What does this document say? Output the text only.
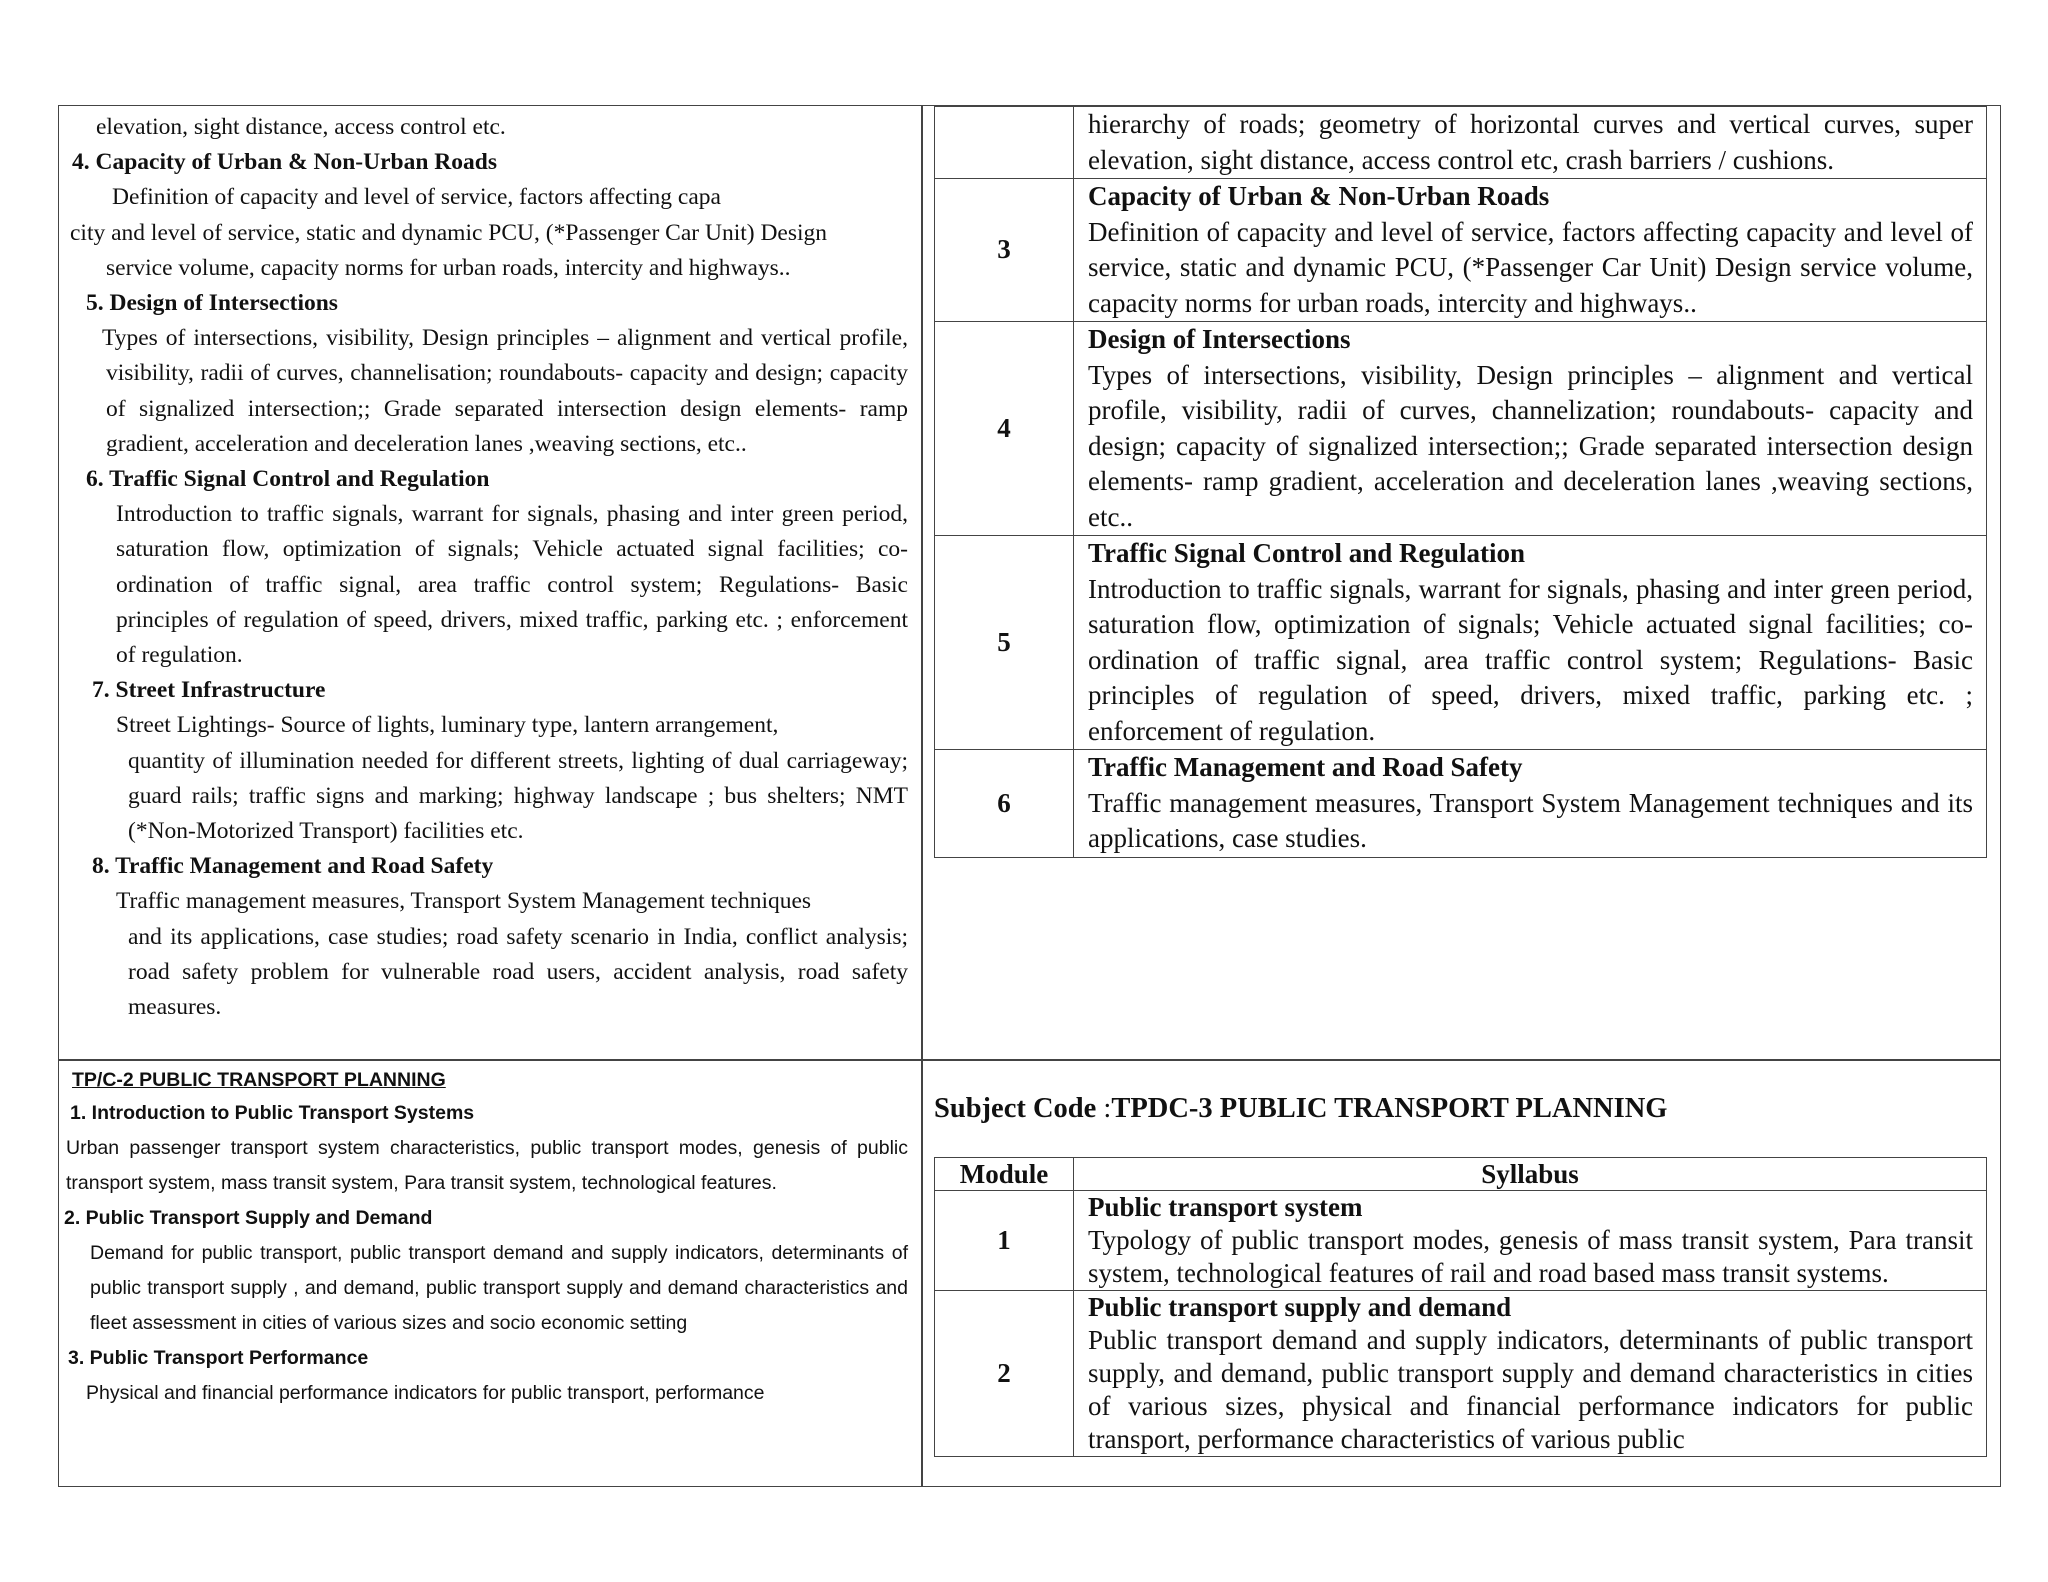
elevation, sight distance, access control etc.

4. Capacity of Urban & Non-Urban Roads

Definition of capacity and level of service, factors affecting capa

city and level of service, static and dynamic PCU, (*Passenger Car Unit) Design

service volume, capacity norms for urban roads, intercity and highways..

5. Design of Intersections

Types of intersections, visibility, Design principles – alignment and vertical profile, visibility, radii of curves, channelisation; roundabouts- capacity and design; capacity of signalized intersection;; Grade separated intersection design elements- ramp gradient, acceleration and deceleration lanes ,weaving sections, etc..

6. Traffic Signal Control and Regulation

Introduction to traffic signals, warrant for signals, phasing and inter green period, saturation flow, optimization of signals; Vehicle actuated signal facilities; co-ordination of traffic signal, area traffic control system; Regulations- Basic principles of regulation of speed, drivers, mixed traffic, parking etc. ; enforcement of regulation.

7. Street Infrastructure

Street Lightings- Source of lights, luminary type, lantern arrangement,

quantity of illumination needed for different streets, lighting of dual carriageway; guard rails; traffic signs and marking; highway landscape ; bus shelters; NMT (*Non-Motorized Transport) facilities etc.

8. Traffic Management and Road Safety

Traffic management measures, Transport System Management techniques

and its applications, case studies; road safety scenario in India, conflict analysis; road safety problem for vulnerable road users, accident analysis, road safety measures.

TP/C-2 PUBLIC TRANSPORT PLANNING

1. Introduction to Public Transport Systems

Urban passenger transport system characteristics, public transport modes, genesis of public transport system, mass transit system, Para transit system, technological features.

2. Public Transport Supply and Demand

Demand for public transport, public transport demand and supply indicators, determinants of public transport supply , and demand, public transport supply and demand characteristics and fleet assessment in cities of various sizes and socio economic setting

3. Public Transport Performance

Physical and financial performance indicators for public transport, performance

	hierarchy of roads; geometry of horizontal curves and vertical curves, super elevation, sight distance, access control etc, crash barriers / cushions.
3	Capacity of Urban & Non-Urban Roads
Definition of capacity and level of service, factors affecting capacity and level of service, static and dynamic PCU, (*Passenger Car Unit) Design service volume, capacity norms for urban roads, intercity and highways..
4	Design of Intersections
Types of intersections, visibility, Design principles – alignment and vertical profile, visibility, radii of curves, channelization; roundabouts- capacity and design; capacity of signalized intersection;; Grade separated intersection design elements- ramp gradient, acceleration and deceleration lanes ,weaving sections, etc..
5	Traffic Signal Control and Regulation
Introduction to traffic signals, warrant for signals, phasing and inter green period, saturation flow, optimization of signals; Vehicle actuated signal facilities; co-ordination of traffic signal, area traffic control system; Regulations- Basic principles of regulation of speed, drivers, mixed traffic, parking etc. ; enforcement of regulation.
6	Traffic Management and Road Safety
Traffic management measures, Transport System Management techniques and its applications, case studies.
Subject Code :TPDC-3 PUBLIC TRANSPORT PLANNING
Module	Syllabus
1	Public transport system
Typology of public transport modes, genesis of mass transit system, Para transit system, technological features of rail and road based mass transit systems.
2	Public transport supply and demand
Public transport demand and supply indicators, determinants of public transport supply, and demand, public transport supply and demand characteristics in cities of various sizes, physical and financial performance indicators for public transport, performance characteristics of various public
